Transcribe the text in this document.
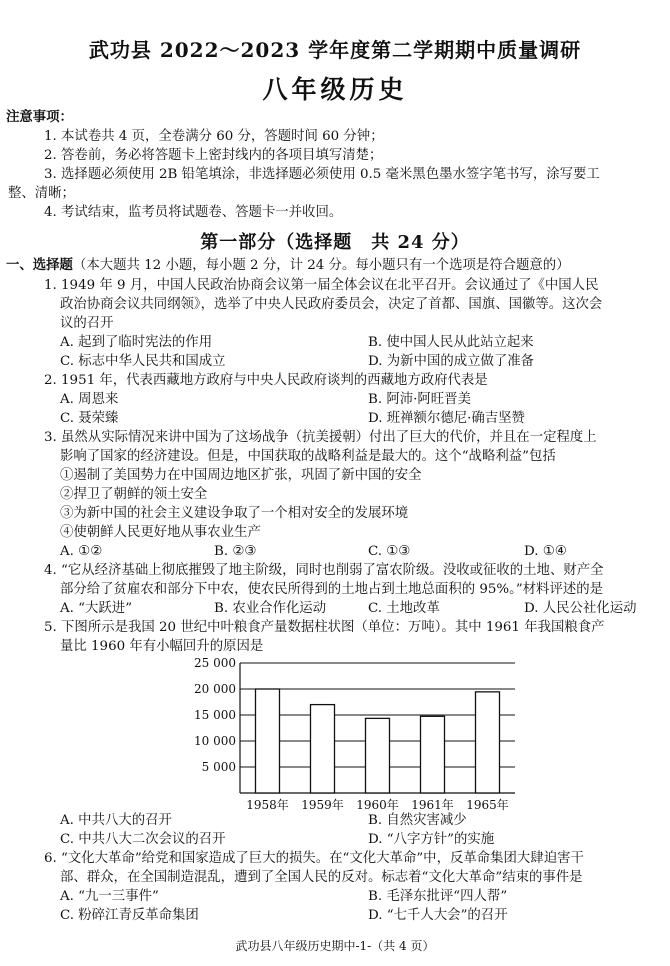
武功县 2022～2023 学年度第二学期期中质量调研
八年级历史
注意事项：
1. 本试卷共 4 页，全卷满分 60 分，答题时间 60 分钟；
2. 答卷前，务必将答题卡上密封线内的各项目填写清楚；
3. 选择题必须使用 2B 铅笔填涂，非选择题必须使用 0.5 毫米黑色墨水签字笔书写，涂写要工
整、清晰；
4. 考试结束，监考员将试题卷、答题卡一并收回。
第一部分（选择题　共 24 分）
一、选择题（本大题共 12 小题，每小题 2 分，计 24 分。每小题只有一个选项是符合题意的）
1. 1949 年 9 月，中国人民政治协商会议第一届全体会议在北平召开。会议通过了《中国人民
政治协商会议共同纲领》，选举了中央人民政府委员会，决定了首都、国旗、国徽等。这次会
议的召开
A. 起到了临时宪法的作用	B. 使中国人民从此站立起来
C. 标志中华人民共和国成立	D. 为新中国的成立做了准备
2. 1951 年，代表西藏地方政府与中央人民政府谈判的西藏地方政府代表是
A. 周恩来	B. 阿沛·阿旺晋美
C. 聂荣臻	D. 班禅额尔德尼·确吉坚赞
3. 虽然从实际情况来讲中国为了这场战争（抗美援朝）付出了巨大的代价，并且在一定程度上
影响了国家的经济建设。但是，中国获取的战略利益是最大的。这个“战略利益”包括
①遏制了美国势力在中国周边地区扩张，巩固了新中国的安全
②捍卫了朝鲜的领土安全
③为新中国的社会主义建设争取了一个相对安全的发展环境
④使朝鲜人民更好地从事农业生产
A. ①②	B. ②③	C. ①③	D. ①④
4. “它从经济基础上彻底摧毁了地主阶级，同时也削弱了富农阶级。没收或征收的土地、财产全
部分给了贫雇农和部分下中农，使农民所得到的土地占到土地总面积的 95%。”材料评述的是
A. “大跃进”	B. 农业合作化运动	C. 土地改革	D. 人民公社化运动
5. 下图所示是我国 20 世纪中叶粮食产量数据柱状图（单位：万吨）。其中 1961 年我国粮食产
量比 1960 年有小幅回升的原因是
25 000
20 000
15 000
10 000
5 000
1958年 1959年 1960年 1961年 1965年
A. 中共八大的召开	B. 自然灾害减少
C. 中共八大二次会议的召开	D. “八字方针”的实施
6. “文化大革命”给党和国家造成了巨大的损失。在“文化大革命”中，反革命集团大肆迫害干
部、群众，在全国制造混乱，遭到了全国人民的反对。标志着“文化大革命”结束的事件是
A. “九一三事件”	B. 毛泽东批评“四人帮”
C. 粉碎江青反革命集团	D. “七千人大会”的召开
武功县八年级历史期中-1-（共 4 页）
